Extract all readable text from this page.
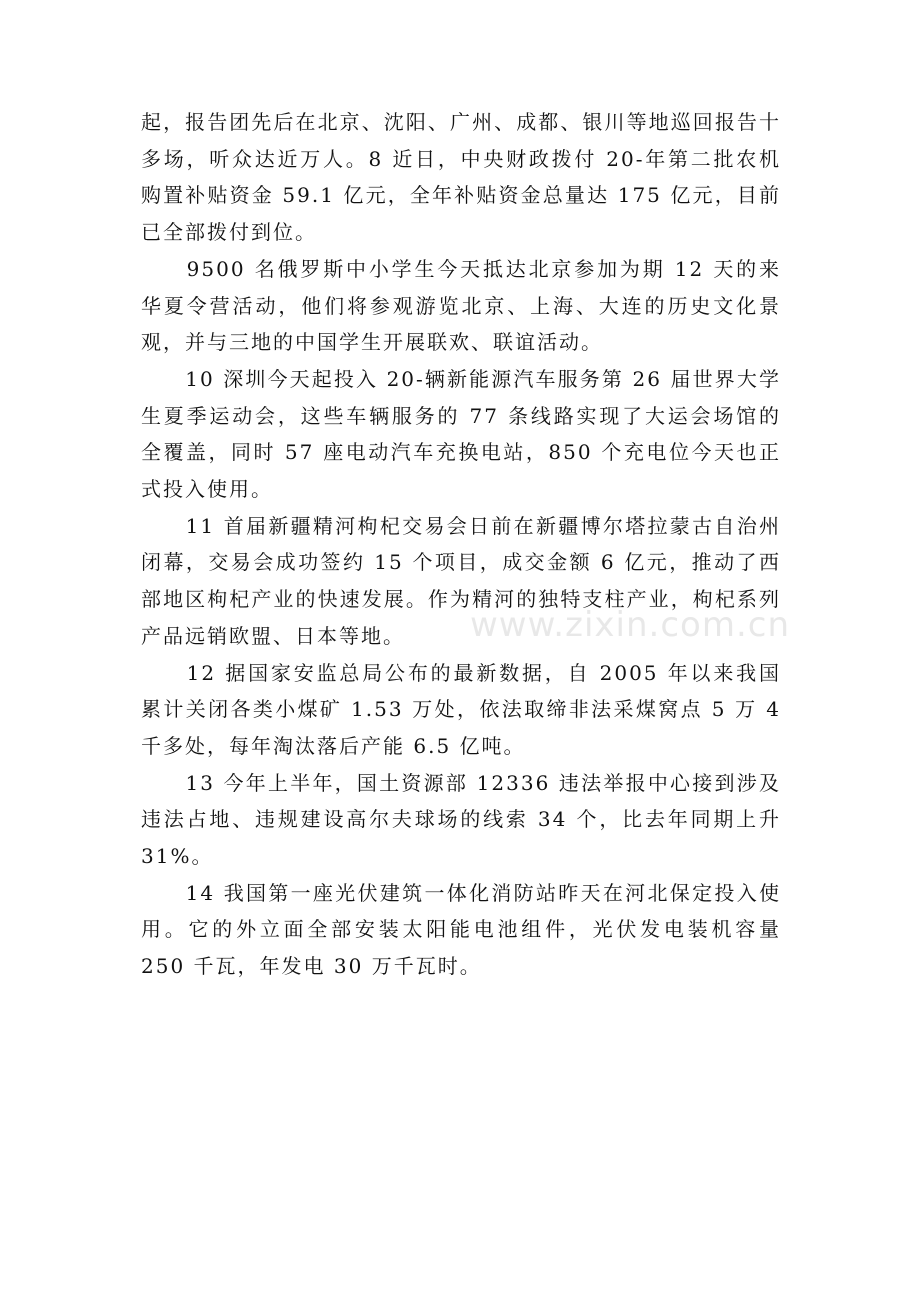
起，报告团先后在北京、沈阳、广州、成都、银川等地巡回报告十多场，听众达近万人。8 近日，中央财政拨付 20-年第二批农机购置补贴资金 59.1 亿元，全年补贴资金总量达 175 亿元，目前已全部拨付到位。

　　9500 名俄罗斯中小学生今天抵达北京参加为期 12 天的来华夏令营活动，他们将参观游览北京、上海、大连的历史文化景观，并与三地的中国学生开展联欢、联谊活动。

　　10 深圳今天起投入 20-辆新能源汽车服务第 26 届世界大学生夏季运动会，这些车辆服务的 77 条线路实现了大运会场馆的全覆盖，同时 57 座电动汽车充换电站，850 个充电位今天也正式投入使用。

　　11 首届新疆精河枸杞交易会日前在新疆博尔塔拉蒙古自治州闭幕，交易会成功签约 15 个项目，成交金额 6 亿元，推动了西部地区枸杞产业的快速发展。作为精河的独特支柱产业，枸杞系列产品远销欧盟、日本等地。

　　12 据国家安监总局公布的最新数据，自 2005 年以来我国累计关闭各类小煤矿 1.53 万处，依法取缔非法采煤窝点 5 万 4 千多处，每年淘汰落后产能 6.5 亿吨。

　　13 今年上半年，国土资源部 12336 违法举报中心接到涉及违法占地、违规建设高尔夫球场的线索 34 个，比去年同期上升 31%。

　　14 我国第一座光伏建筑一体化消防站昨天在河北保定投入使用。它的外立面全部安装太阳能电池组件，光伏发电装机容量 250 千瓦，年发电 30 万千瓦时。

www.zixin.com.cn
